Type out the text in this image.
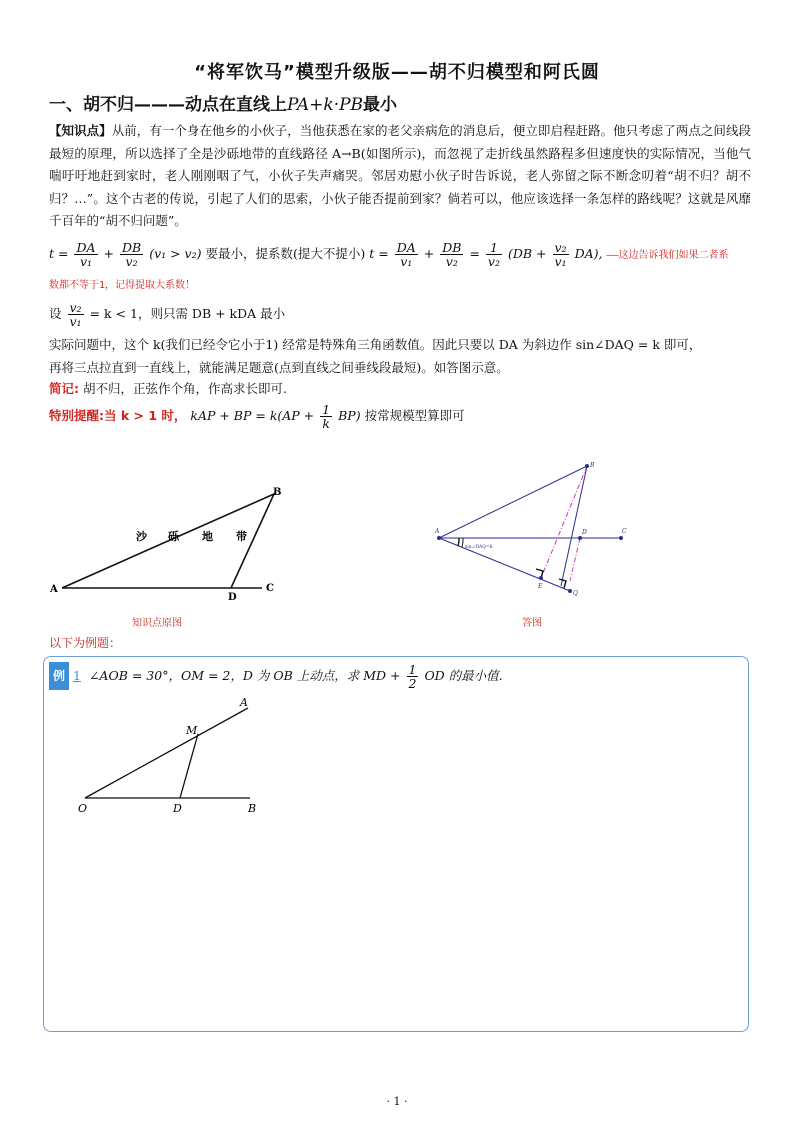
“将军饮马”模型升级版——胡不归模型和阿氏圆
一、胡不归———动点在直线上PA+k·PB最小
【知识点】从前，有一个身在他乡的小伙子，当他获悉在家的老父亲病危的消息后，便立即启程赶路。他只考虑了两点之间线段最短的原理，所以选择了全是沙砾地带的直线路径 A→B(如图所示)，而忽视了走折线虽然路程多但速度快的实际情况，当他气喘吁吁地赶到家时，老人刚刚咽了气，小伙子失声痛哭。邻居劝慰小伙子时告诉说，老人弥留之际不断念叨着“胡不归？胡不归？…”。这个古老的传说，引起了人们的思索，小伙子能否提前到家？倘若可以，他应该选择一条怎样的路线呢？这就是风靡千百年的“胡不归问题”。
$t = \frac{DA}{\text{v₁}} + \frac{DB}{\text{v₂}} (v_1 > v_2)$ 要最小，提系数(提大不提小) $t = \frac{DA}{\text{v₁}} + \frac{DB}{\text{v₂}} = \frac{1}{\text{v₂}} (DB + \frac{\text{v₂}}{\text{v₁}} DA)$, ——这边告诉我们如果二者系
数都不等于1，记得提取大系数！
设 $\frac{\text{v₂}}{\text{v₁}} = k < 1$，则只需 DB + kDA 最小
实际问题中，这个 k(我们已经令它小于1) 经常是特殊角三角函数值。因此只要以 DA 为斜边作 sin∠DAQ = k 即可，
再将三点拉直到一直线上，就能满足题意(点到直线之间垂线段最短)。如答图示意。
简记: 胡不归，正弦作个角，作高求长即可.
特别提醒:当 k > 1 时， kAP + BP = $k(AP + \frac{1}{k} BP)$ 按常规模型算即可
A
B
C
D
沙 砾 地 带
知识点原图
A
B
C
D
E
Q
sin∠DAQ=k
答图
以下为例题：
例 1 ∠AOB = 30°，OM = 2，D 为 OB 上动点，求 MD + $\frac{1}{2}$ OD 的最小值.
A
M
O	D	B
· 1 ·
